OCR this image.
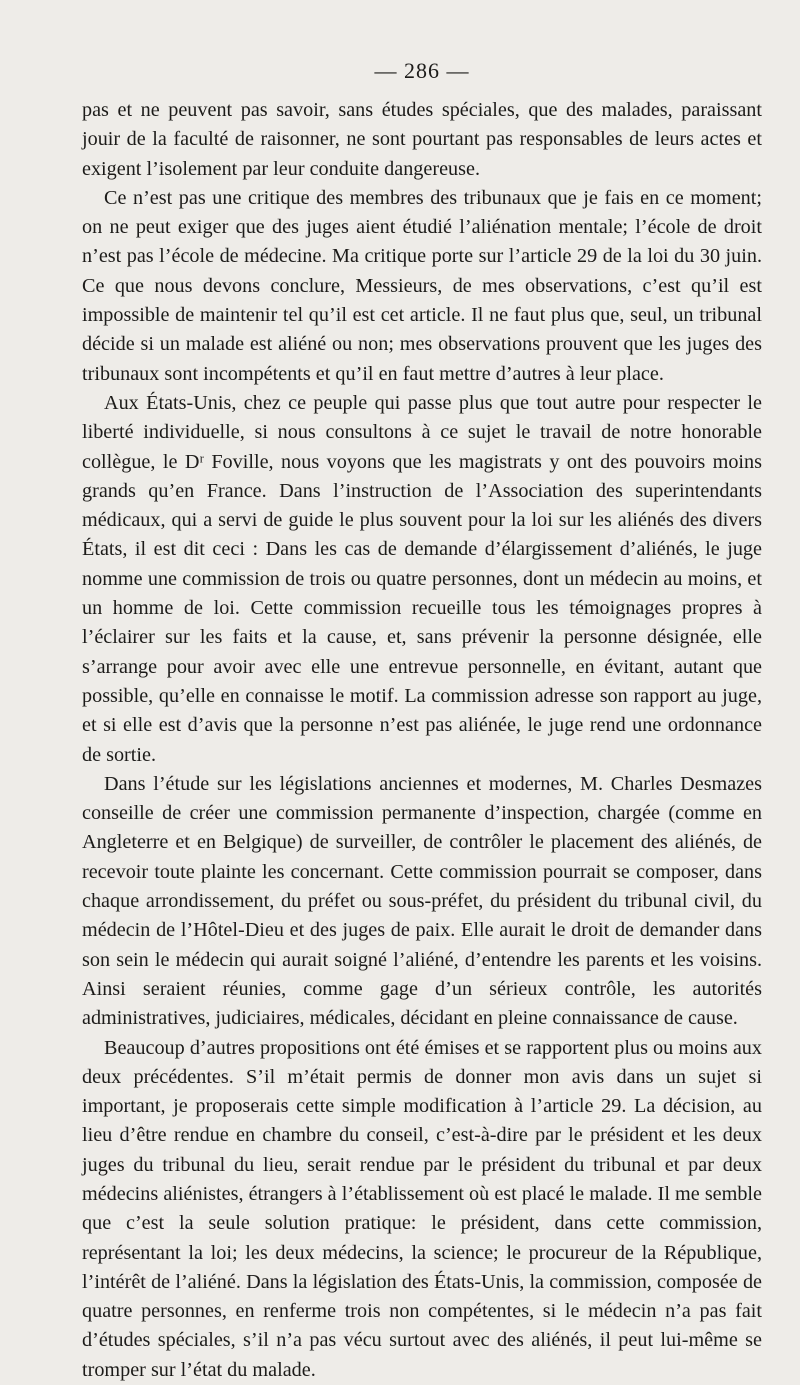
— 286 —

pas et ne peuvent pas savoir, sans études spéciales, que des malades, paraissant jouir de la faculté de raisonner, ne sont pourtant pas responsables de leurs actes et exigent l’isolement par leur conduite dangereuse.

Ce n’est pas une critique des membres des tribunaux que je fais en ce moment; on ne peut exiger que des juges aient étudié l’aliénation mentale; l’école de droit n’est pas l’école de médecine. Ma critique porte sur l’article 29 de la loi du 30 juin. Ce que nous devons conclure, Messieurs, de mes observations, c’est qu’il est impossible de maintenir tel qu’il est cet article. Il ne faut plus que, seul, un tribunal décide si un malade est aliéné ou non; mes observations prouvent que les juges des tribunaux sont incompétents et qu’il en faut mettre d’autres à leur place.

Aux États-Unis, chez ce peuple qui passe plus que tout autre pour respecter le liberté individuelle, si nous consultons à ce sujet le travail de notre honorable collègue, le Dʳ Foville, nous voyons que les magistrats y ont des pouvoirs moins grands qu’en France. Dans l’instruction de l’Association des superintendants médicaux, qui a servi de guide le plus souvent pour la loi sur les aliénés des divers États, il est dit ceci : Dans les cas de demande d’élargissement d’aliénés, le juge nomme une commission de trois ou quatre personnes, dont un médecin au moins, et un homme de loi. Cette commission recueille tous les témoignages propres à l’éclairer sur les faits et la cause, et, sans prévenir la personne désignée, elle s’arrange pour avoir avec elle une entrevue personnelle, en évitant, autant que possible, qu’elle en connaisse le motif. La commission adresse son rapport au juge, et si elle est d’avis que la personne n’est pas aliénée, le juge rend une ordonnance de sortie.

Dans l’étude sur les législations anciennes et modernes, M. Charles Desmazes conseille de créer une commission permanente d’inspection, chargée (comme en Angleterre et en Belgique) de surveiller, de contrôler le placement des aliénés, de recevoir toute plainte les concernant. Cette commission pourrait se composer, dans chaque arrondissement, du préfet ou sous-préfet, du président du tribunal civil, du médecin de l’Hôtel-Dieu et des juges de paix. Elle aurait le droit de demander dans son sein le médecin qui aurait soigné l’aliéné, d’entendre les parents et les voisins. Ainsi seraient réunies, comme gage d’un sérieux contrôle, les autorités administratives, judiciaires, médicales, décidant en pleine connaissance de cause.

Beaucoup d’autres propositions ont été émises et se rapportent plus ou moins aux deux précédentes. S’il m’était permis de donner mon avis dans un sujet si important, je proposerais cette simple modification à l’article 29. La décision, au lieu d’être rendue en chambre du conseil, c’est-à-dire par le président et les deux juges du tribunal du lieu, serait rendue par le président du tribunal et par deux médecins aliénistes, étrangers à l’établissement où est placé le malade. Il me semble que c’est la seule solution pratique: le président, dans cette commission, représentant la loi; les deux médecins, la science; le procureur de la République, l’intérêt de l’aliéné. Dans la législation des États-Unis, la commission, composée de quatre personnes, en renferme trois non compétentes, si le médecin n’a pas fait d’études spéciales, s’il n’a pas vécu surtout avec des aliénés, il peut lui-même se tromper sur l’état du malade.
